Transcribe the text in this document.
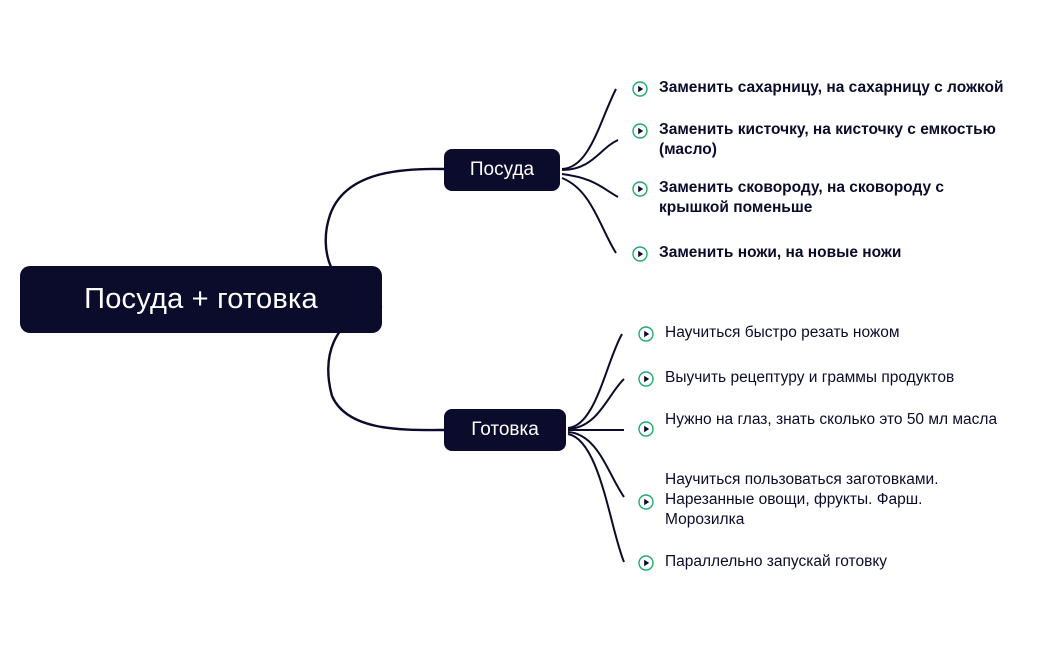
Посуда + готовка
Посуда
Заменить сахарницу, на сахарницу с ложкой
Заменить кисточку, на кисточку с емкостью (масло)
Заменить сковороду, на сковороду с крышкой поменьше
Заменить ножи, на новые ножи
Готовка
Научиться быстро резать ножом
Выучить рецептуру и граммы продуктов
Нужно на глаз, знать сколько это 50 мл масла
Научиться пользоваться заготовками. Нарезанные овощи, фрукты. Фарш. Морозилка
Параллельно запускай готовку
